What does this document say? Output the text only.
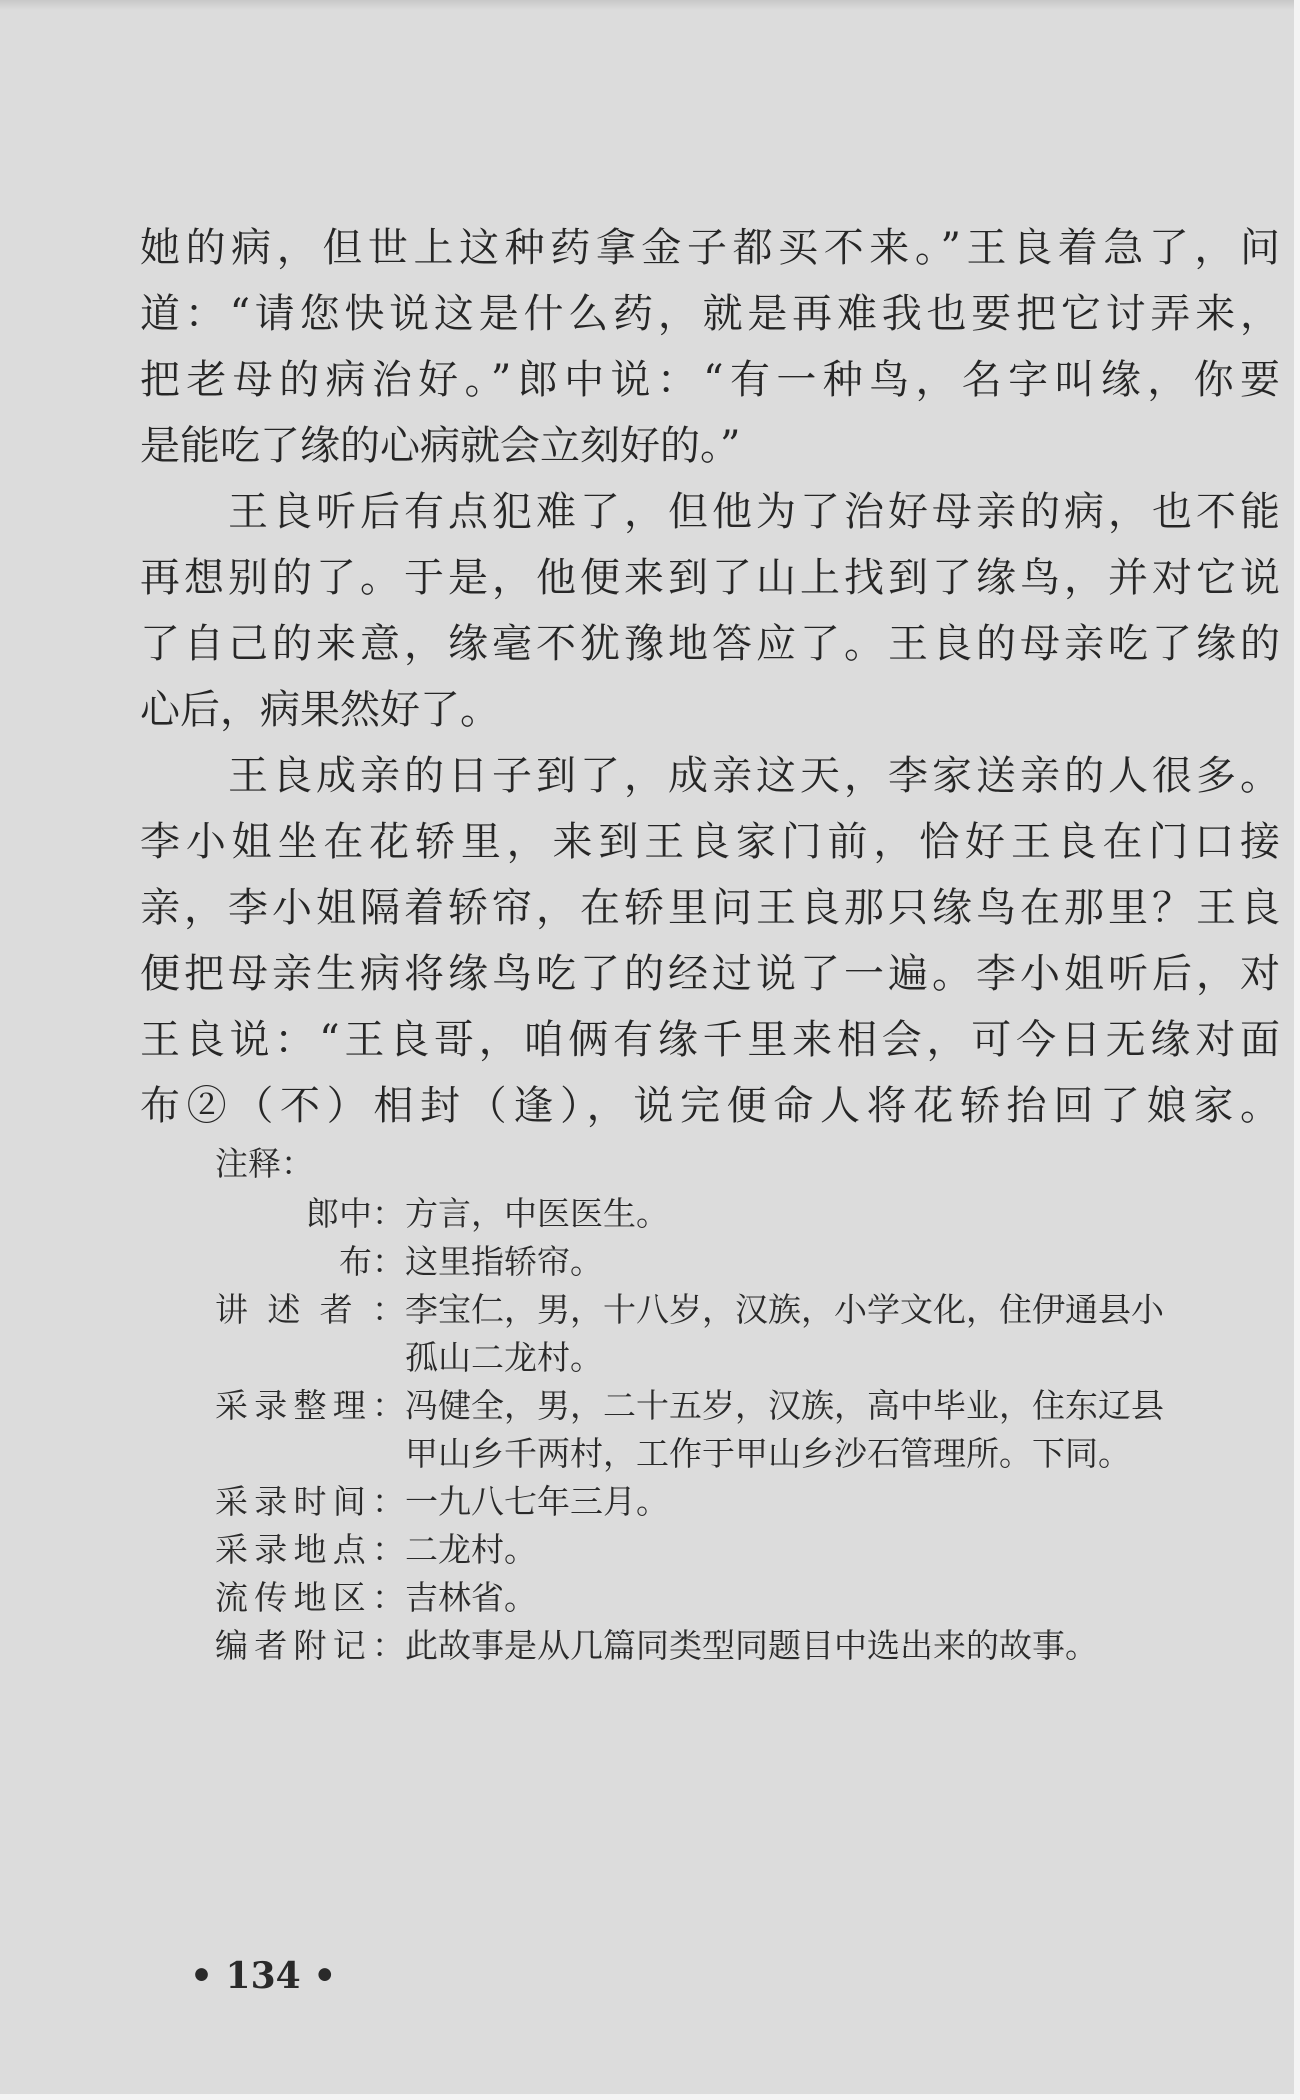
她的病，但世上这种药拿金子都买不来。”王良着急了，问
道：“请您快说这是什么药，就是再难我也要把它讨弄来，
把老母的病治好。”郎中说：“有一种鸟，名字叫缘，你要
是能吃了缘的心病就会立刻好的。”
王良听后有点犯难了，但他为了治好母亲的病，也不能
再想别的了。于是，他便来到了山上找到了缘鸟，并对它说
了自己的来意，缘毫不犹豫地答应了。王良的母亲吃了缘的
心后，病果然好了。
王良成亲的日子到了，成亲这天，李家送亲的人很多。
李小姐坐在花轿里，来到王良家门前，恰好王良在门口接
亲，李小姐隔着轿帘，在轿里问王良那只缘鸟在那里？王良
便把母亲生病将缘鸟吃了的经过说了一遍。李小姐听后，对
王良说：“王良哥，咱俩有缘千里来相会，可今日无缘对面
布②（不）相封（逢），说完便命人将花轿抬回了娘家。
注释：
郎中： 方言，中医医生。
布： 这里指轿帘。
讲述者： 李宝仁，男，十八岁，汉族，小学文化，住伊通县小
孤山二龙村。
采录整理： 冯健全，男，二十五岁，汉族，高中毕业，住东辽县
甲山乡千两村，工作于甲山乡沙石管理所。下同。
采录时间： 一九八七年三月。
采录地点： 二龙村。
流传地区： 吉林省。
编者附记： 此故事是从几篇同类型同题目中选出来的故事。
• 134 •
